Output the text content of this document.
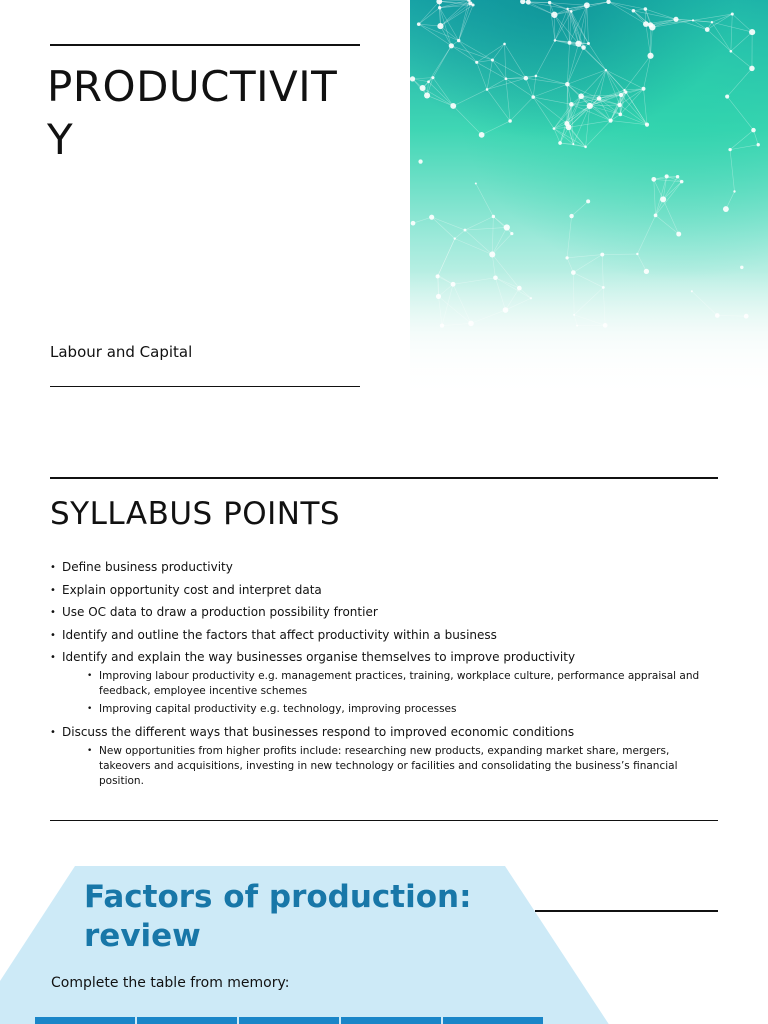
PRODUCTIVITY
Labour and Capital
SYLLABUS POINTS
• Define business productivity
• Explain opportunity cost and interpret data
• Use OC data to draw a production possibility frontier
• Identify and outline the factors that affect productivity within a business
• Identify and explain the way businesses organise themselves to improve productivity
• Improving labour productivity e.g. management practices, training, workplace culture, performance appraisal and feedback, employee incentive schemes
• Improving capital productivity e.g. technology, improving processes
• Discuss the different ways that businesses respond to improved economic conditions
• New opportunities from higher profits include: researching new products, expanding market share, mergers, takeovers and acquisitions, investing in new technology or facilities and consolidating the business’s financial position.
Factors of production: review
Complete the table from memory:
